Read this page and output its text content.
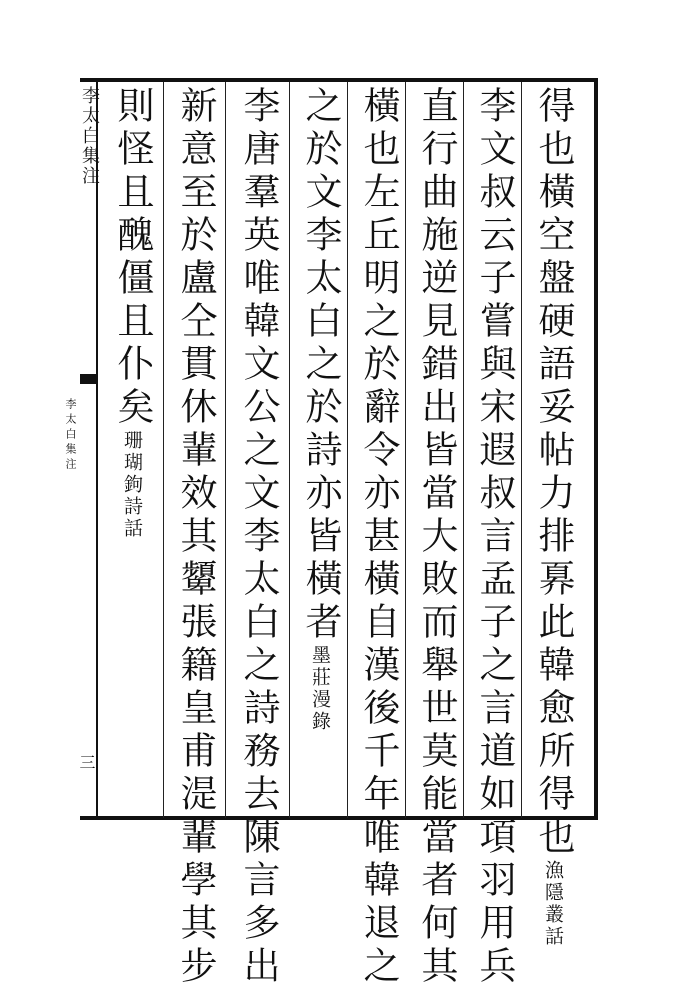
李太白集注
三
李太白集注	得也橫空盤硬語妥帖力排奡此韓愈所得也漁隱叢話
李文叔云子嘗與宋遐叔言孟子之言道如項羽用兵
直行曲施逆見錯出皆當大敗而舉世莫能當者何其
橫也左丘明之於辭令亦甚橫自漢後千年唯韓退之
之於文李太白之於詩亦皆橫者墨莊漫錄
李唐羣英唯韓文公之文李太白之詩務去陳言多出
新意至於盧仝貫休輩效其顰張籍皇甫湜輩學其步
則怪且醜僵且仆矣珊瑚鉤詩話
